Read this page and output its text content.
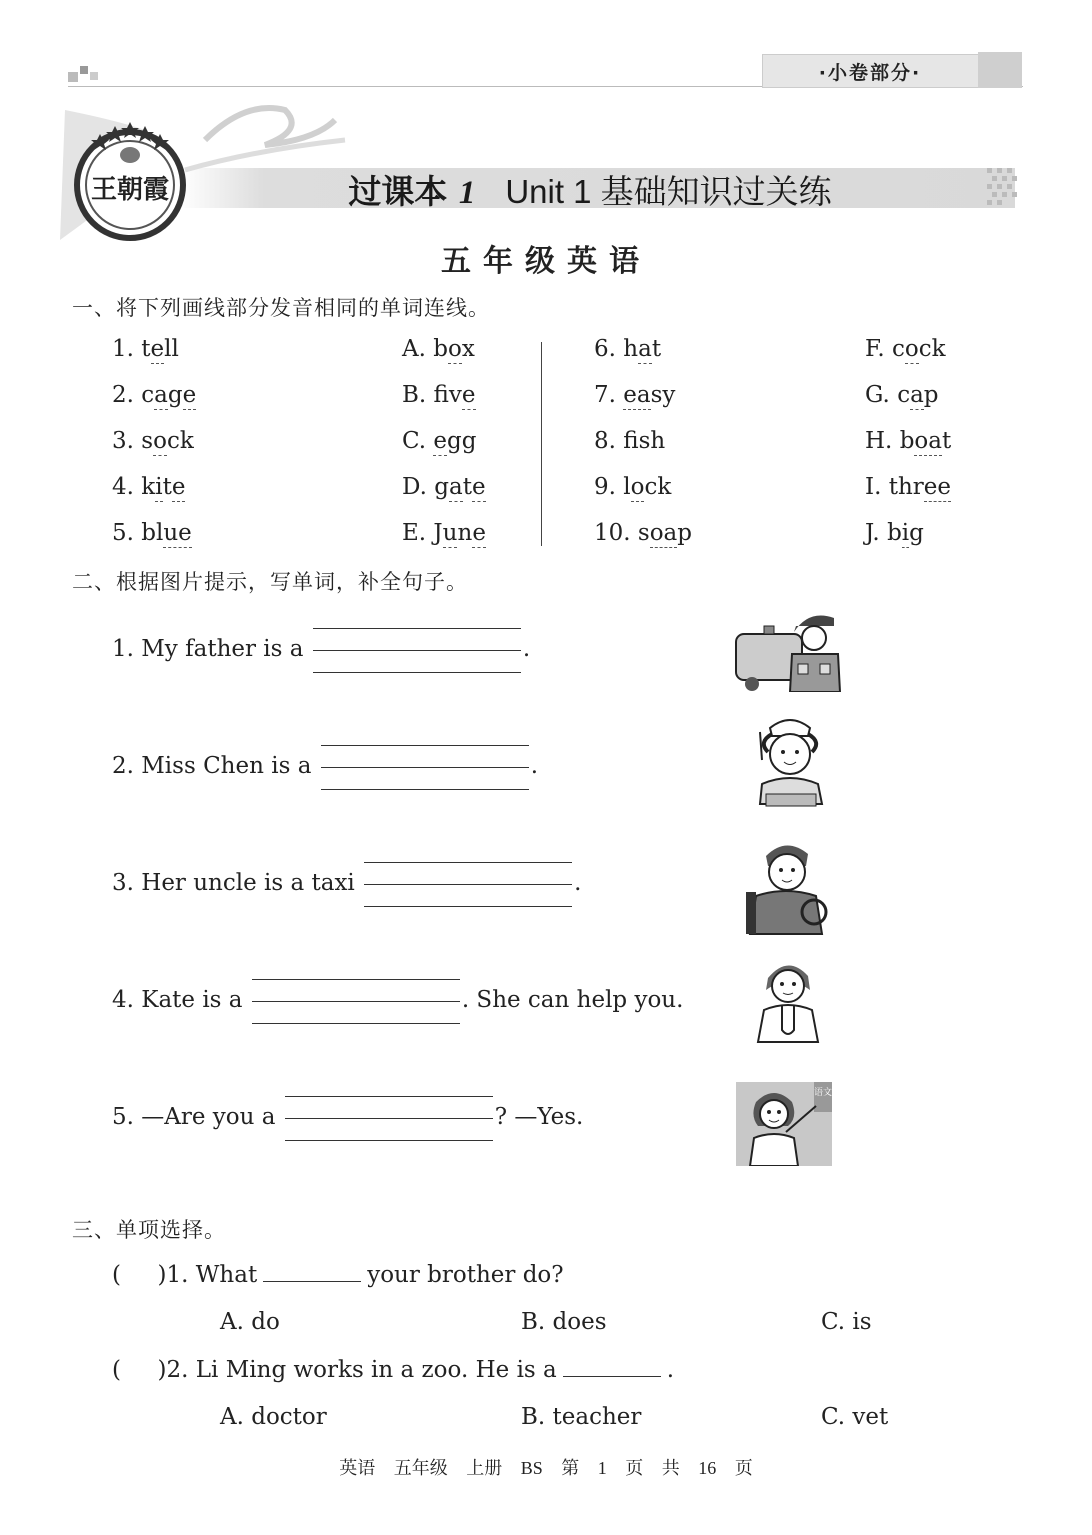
·小卷部分·
王朝霞	过课本 1 Unit 1 基础知识过关练
五年级英语
一、将下列画线部分发音相同的单词连线。
1. tell	A. box
2. cage	B. fve
3. sock	C. egg
4. kite	D. gate
5. blue	E. June
6. hat	F. cock
7. easy	G. cap
8. fsh	H. boat
9. lock	I. three
10. soap	J. big
二、根据图片提示，写单词，补全句子。
1. My father is a	.
2. Miss Chen is a	.
3. Her uncle is a taxi	.
4. Kate is a	. She can help you.
5. —Are you a	? —Yes.
语文
三、单项选择。
(     )1. What	your brother do?
A. do	B. does	C. is
(     )2. Li Ming works in a zoo. He is a	.
A. doctor	B. teacher	C. vet
英语 五年级 上册 BS 第 1 页 共 16 页
